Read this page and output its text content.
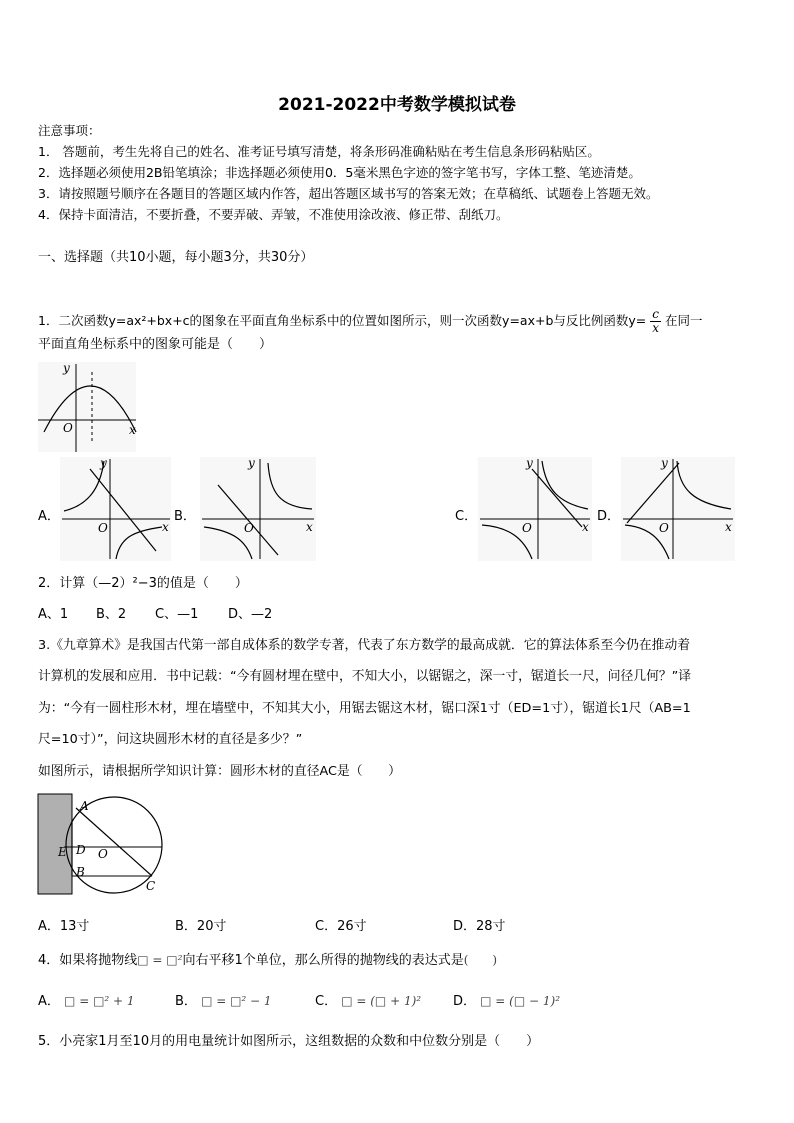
2021-2022中考数学模拟试卷
注意事项：
1． 答题前，考生先将自己的姓名、准考证号填写清楚，将条形码准确粘贴在考生信息条形码粘贴区。
2．选择题必须使用2B铅笔填涂；非选择题必须使用0．5毫米黑色字迹的签字笔书写，字体工整、笔迹清楚。
3．请按照题号顺序在各题目的答题区域内作答，超出答题区域书写的答案无效；在草稿纸、试题卷上答题无效。
4．保持卡面清洁，不要折叠，不要弄破、弄皱，不准使用涂改液、修正带、刮纸刀。
一、选择题（共10小题，每小题3分，共30分）
1．二次函数y=ax²+bx+c的图象在平面直角坐标系中的位置如图所示，则一次函数y=ax+b与反比例函数$y= \frac{c}{x}$ 在同一
平面直角坐标系中的图象可能是（　　）
y
x
O
A．
y
x
O
B．
y
x
O
C．
y
x
O
D．
y
x
O
2．计算（—2）²−3的值是（　　）
A、1 B、2 C、—1 D、—2
3.《九章算术》是我国古代第一部自成体系的数学专著，代表了东方数学的最高成就．它的算法体系至今仍在推动着
计算机的发展和应用．书中记载：“今有圆材埋在壁中，不知大小，以锯锯之，深一寸，锯道长一尺，问径几何？”译
为：“今有一圆柱形木材，埋在墙壁中，不知其大小，用锯去锯这木材，锯口深1寸（ED=1寸），锯道长1尺（AB=1
尺=10寸）”，问这块圆形木材的直径是多少？”
如图所示，请根据所学知识计算：圆形木材的直径AC是（　　）
A
E D O
B
C
A．13寸	B．20寸	C．26寸	D．28寸
4．如果将抛物线□ = □²向右平移1个单位，那么所得的抛物线的表达式是(　　)
A． □ = □² + 1	B． □ = □² − 1	C． □ = (□ + 1)² D． □ = (□ − 1)²
5．小亮家1月至10月的用电量统计如图所示，这组数据的众数和中位数分别是（　　）
